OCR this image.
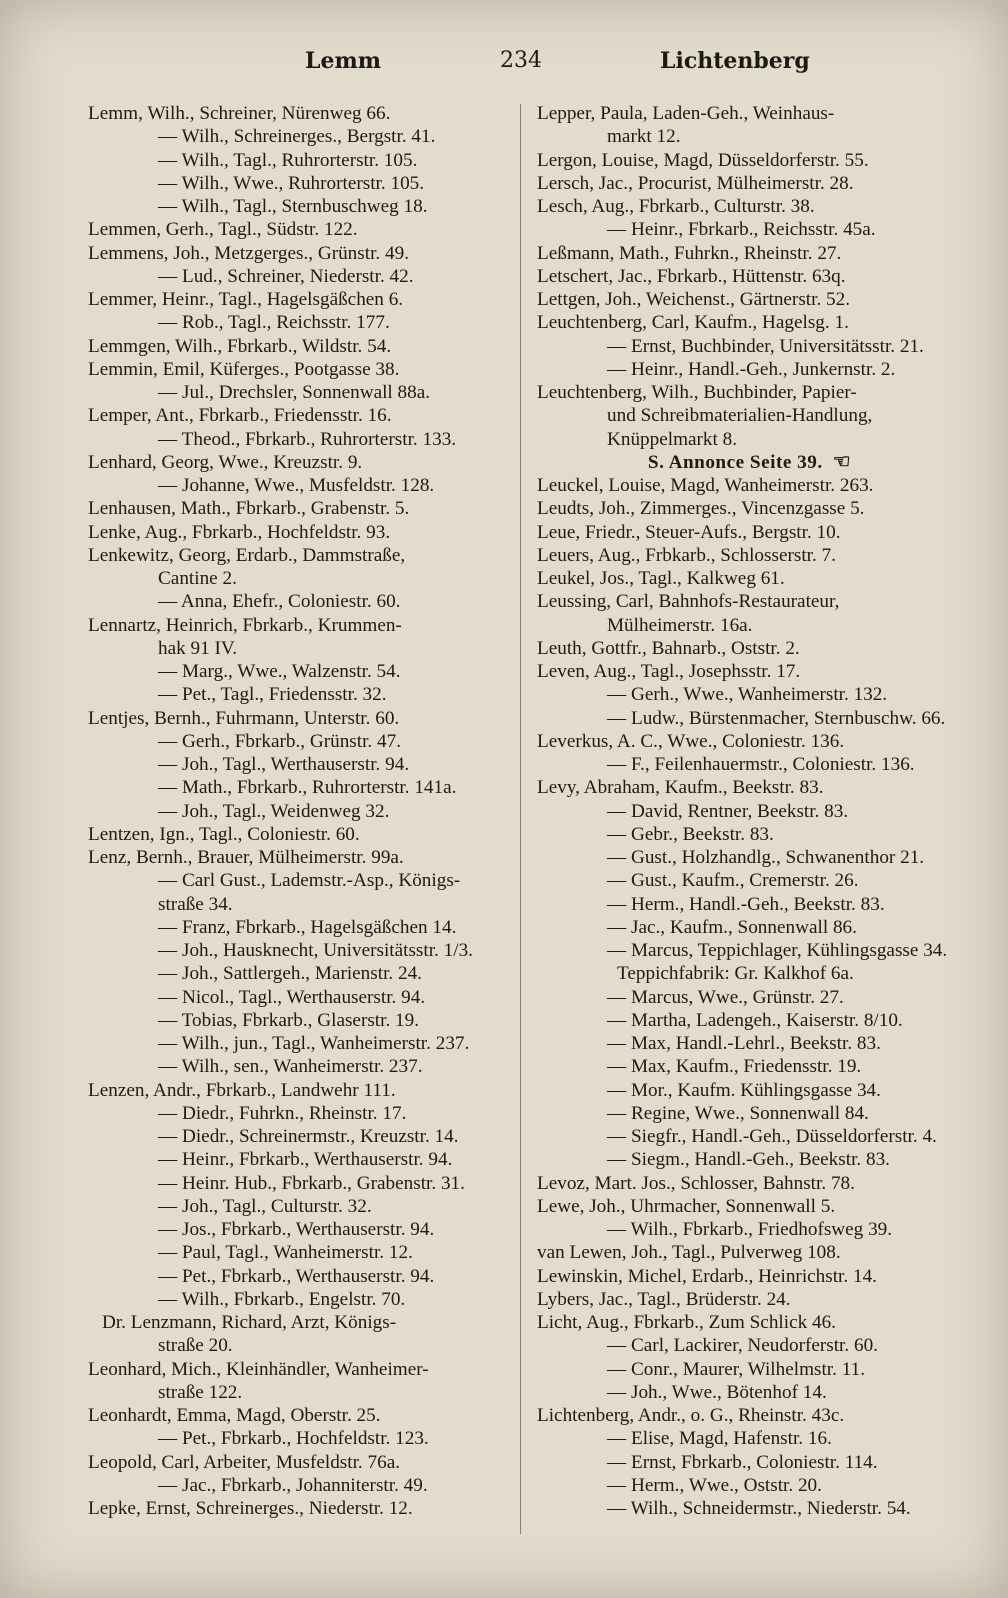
Lemm	234	Lichtenberg
Lemm, Wilh., Schreiner, Nürenweg 66.
— Wilh., Schreinerges., Bergstr. 41.
— Wilh., Tagl., Ruhrorterstr. 105.
— Wilh., Wwe., Ruhrorterstr. 105.
— Wilh., Tagl., Sternbuschweg 18.
Lemmen, Gerh., Tagl., Südstr. 122.
Lemmens, Joh., Metzgerges., Grünstr. 49.
— Lud., Schreiner, Niederstr. 42.
Lemmer, Heinr., Tagl., Hagelsgäßchen 6.
— Rob., Tagl., Reichsstr. 177.
Lemmgen, Wilh., Fbrkarb., Wildstr. 54.
Lemmin, Emil, Küferges., Pootgasse 38.
— Jul., Drechsler, Sonnenwall 88a.
Lemper, Ant., Fbrkarb., Friedensstr. 16.
— Theod., Fbrkarb., Ruhrorterstr. 133.
Lenhard, Georg, Wwe., Kreuzstr. 9.
— Johanne, Wwe., Musfeldstr. 128.
Lenhausen, Math., Fbrkarb., Grabenstr. 5.
Lenke, Aug., Fbrkarb., Hochfeldstr. 93.
Lenkewitz, Georg, Erdarb., Dammstraße,
Cantine 2.
— Anna, Ehefr., Coloniestr. 60.
Lennartz, Heinrich, Fbrkarb., Krummen-
hak 91 IV.
— Marg., Wwe., Walzenstr. 54.
— Pet., Tagl., Friedensstr. 32.
Lentjes, Bernh., Fuhrmann, Unterstr. 60.
— Gerh., Fbrkarb., Grünstr. 47.
— Joh., Tagl., Werthauserstr. 94.
— Math., Fbrkarb., Ruhrorterstr. 141a.
— Joh., Tagl., Weidenweg 32.
Lentzen, Ign., Tagl., Coloniestr. 60.
Lenz, Bernh., Brauer, Mülheimerstr. 99a.
— Carl Gust., Lademstr.-Asp., Königs-
straße 34.
— Franz, Fbrkarb., Hagelsgäßchen 14.
— Joh., Hausknecht, Universitätsstr. 1/3.
— Joh., Sattlergeh., Marienstr. 24.
— Nicol., Tagl., Werthauserstr. 94.
— Tobias, Fbrkarb., Glaserstr. 19.
— Wilh., jun., Tagl., Wanheimerstr. 237.
— Wilh., sen., Wanheimerstr. 237.
Lenzen, Andr., Fbrkarb., Landwehr 111.
— Diedr., Fuhrkn., Rheinstr. 17.
— Diedr., Schreinermstr., Kreuzstr. 14.
— Heinr., Fbrkarb., Werthauserstr. 94.
— Heinr. Hub., Fbrkarb., Grabenstr. 31.
— Joh., Tagl., Culturstr. 32.
— Jos., Fbrkarb., Werthauserstr. 94.
— Paul, Tagl., Wanheimerstr. 12.
— Pet., Fbrkarb., Werthauserstr. 94.
— Wilh., Fbrkarb., Engelstr. 70.
Dr. Lenzmann, Richard, Arzt, Königs-
straße 20.
Leonhard, Mich., Kleinhändler, Wanheimer-
straße 122.
Leonhardt, Emma, Magd, Oberstr. 25.
— Pet., Fbrkarb., Hochfeldstr. 123.
Leopold, Carl, Arbeiter, Musfeldstr. 76a.
— Jac., Fbrkarb., Johanniterstr. 49.
Lepke, Ernst, Schreinerges., Niederstr. 12.
Lepper, Paula, Laden-Geh., Weinhaus-
markt 12.
Lergon, Louise, Magd, Düsseldorferstr. 55.
Lersch, Jac., Procurist, Mülheimerstr. 28.
Lesch, Aug., Fbrkarb., Culturstr. 38.
— Heinr., Fbrkarb., Reichsstr. 45a.
Leßmann, Math., Fuhrkn., Rheinstr. 27.
Letschert, Jac., Fbrkarb., Hüttenstr. 63q.
Lettgen, Joh., Weichenst., Gärtnerstr. 52.
Leuchtenberg, Carl, Kaufm., Hagelsg. 1.
— Ernst, Buchbinder, Universitätsstr. 21.
— Heinr., Handl.-Geh., Junkernstr. 2.
Leuchtenberg, Wilh., Buchbinder, Papier-
und Schreibmaterialien-Handlung,
Knüppelmarkt 8.
S. Annonce Seite 39. ☜
Leuckel, Louise, Magd, Wanheimerstr. 263.
Leudts, Joh., Zimmerges., Vincenzgasse 5.
Leue, Friedr., Steuer-Aufs., Bergstr. 10.
Leuers, Aug., Frbkarb., Schlosserstr. 7.
Leukel, Jos., Tagl., Kalkweg 61.
Leussing, Carl, Bahnhofs-Restaurateur,
Mülheimerstr. 16a.
Leuth, Gottfr., Bahnarb., Oststr. 2.
Leven, Aug., Tagl., Josephsstr. 17.
— Gerh., Wwe., Wanheimerstr. 132.
— Ludw., Bürstenmacher, Sternbuschw. 66.
Leverkus, A. C., Wwe., Coloniestr. 136.
— F., Feilenhauermstr., Coloniestr. 136.
Levy, Abraham, Kaufm., Beekstr. 83.
— David, Rentner, Beekstr. 83.
— Gebr., Beekstr. 83.
— Gust., Holzhandlg., Schwanenthor 21.
— Gust., Kaufm., Cremerstr. 26.
— Herm., Handl.-Geh., Beekstr. 83.
— Jac., Kaufm., Sonnenwall 86.
— Marcus, Teppichlager, Kühlingsgasse 34.
Teppichfabrik: Gr. Kalkhof 6a.
— Marcus, Wwe., Grünstr. 27.
— Martha, Ladengeh., Kaiserstr. 8/10.
— Max, Handl.-Lehrl., Beekstr. 83.
— Max, Kaufm., Friedensstr. 19.
— Mor., Kaufm. Kühlingsgasse 34.
— Regine, Wwe., Sonnenwall 84.
— Siegfr., Handl.-Geh., Düsseldorferstr. 4.
— Siegm., Handl.-Geh., Beekstr. 83.
Levoz, Mart. Jos., Schlosser, Bahnstr. 78.
Lewe, Joh., Uhrmacher, Sonnenwall 5.
— Wilh., Fbrkarb., Friedhofsweg 39.
van Lewen, Joh., Tagl., Pulverweg 108.
Lewinskin, Michel, Erdarb., Heinrichstr. 14.
Lybers, Jac., Tagl., Brüderstr. 24.
Licht, Aug., Fbrkarb., Zum Schlick 46.
— Carl, Lackirer, Neudorferstr. 60.
— Conr., Maurer, Wilhelmstr. 11.
— Joh., Wwe., Bötenhof 14.
Lichtenberg, Andr., o. G., Rheinstr. 43c.
— Elise, Magd, Hafenstr. 16.
— Ernst, Fbrkarb., Coloniestr. 114.
— Herm., Wwe., Oststr. 20.
— Wilh., Schneidermstr., Niederstr. 54.
